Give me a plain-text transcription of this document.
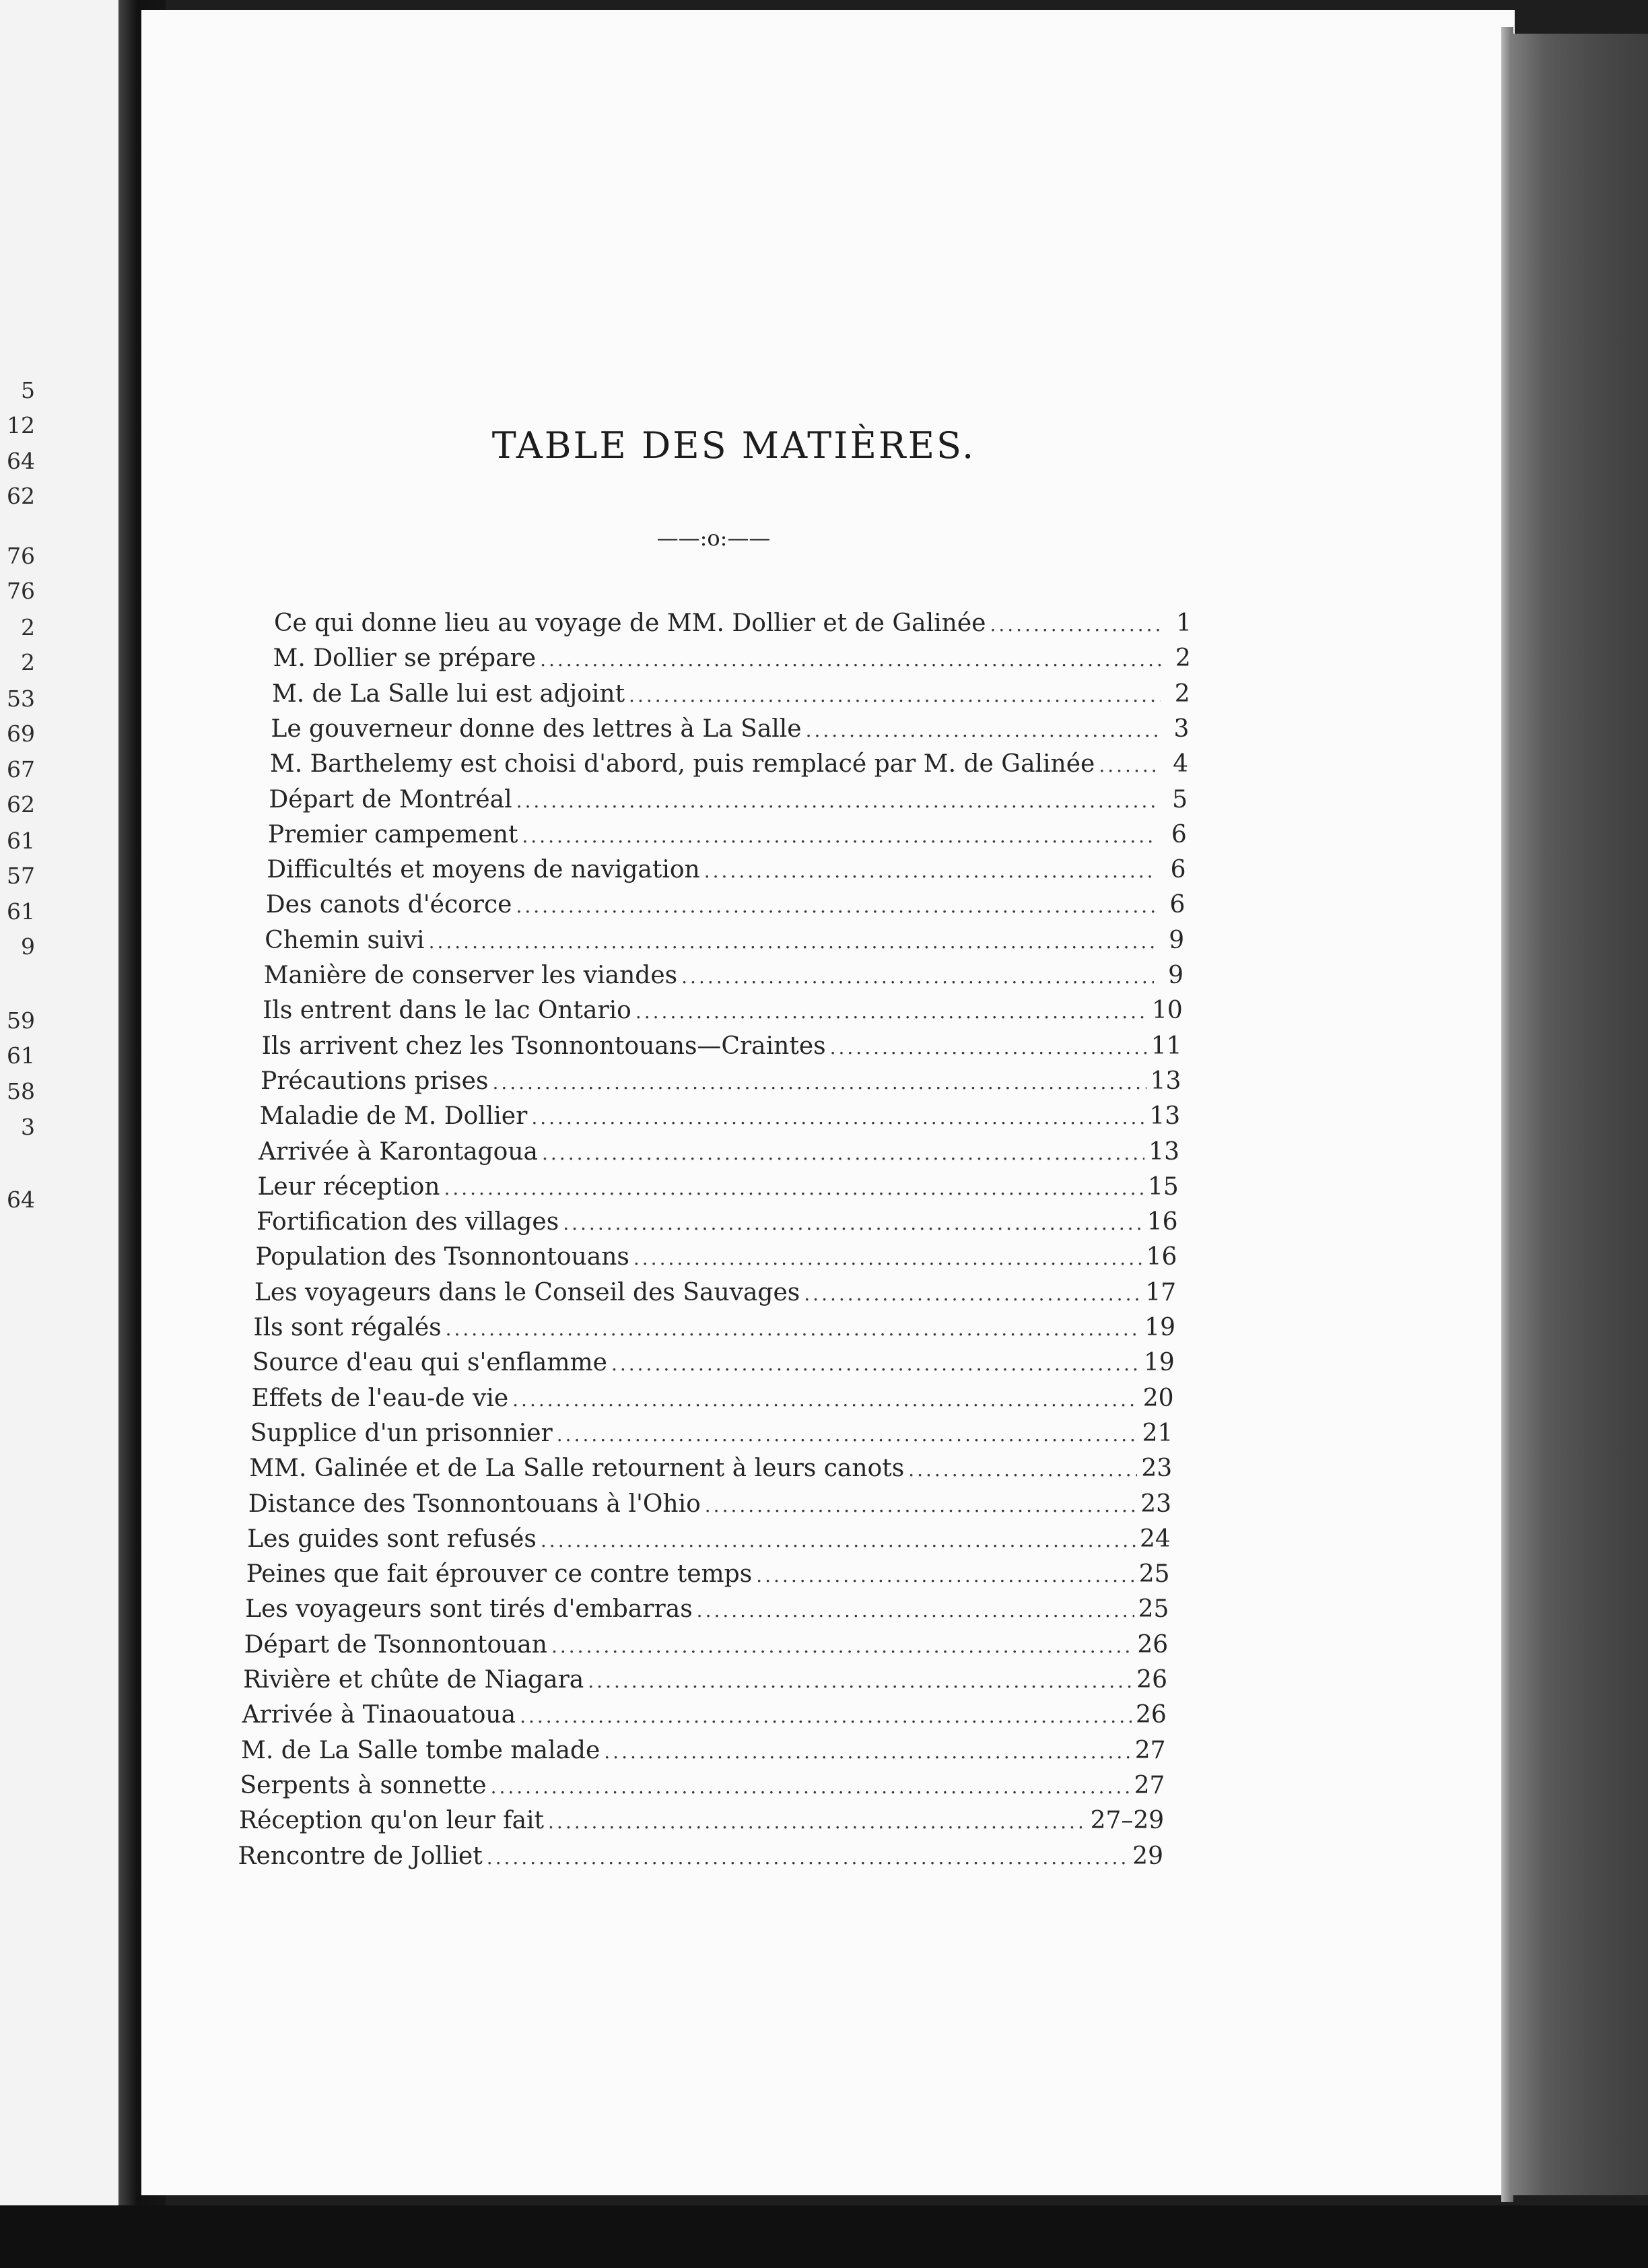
5
12
64
62
76
76
2
2
53
69
67
62
61
57
61
9
59
61
58
3
64
TABLE DES MATIÈRES.
——:o:——
Ce qui donne lieu au voyage de MM. Dollier et de Galinée .....	1
M. Dollier se prépare .....	2
M. de La Salle lui est adjoint .....	2
Le gouverneur donne des lettres à La Salle .....	3
M. Barthelemy est choisi d'abord, puis remplacé par M. de Galinée .....	4
Départ de Montréal .....	5
Premier campement .....	6
Difficultés et moyens de navigation .....	6
Des canots d'écorce .....	6
Chemin suivi .....	9
Manière de conserver les viandes .....	9
Ils entrent dans le lac Ontario .....	10
Ils arrivent chez les Tsonnontouans—Craintes .....	11
Précautions prises .....	13
Maladie de M. Dollier .....	13
Arrivée à Karontagoua .....	13
Leur réception .....	15
Fortification des villages .....	16
Population des Tsonnontouans .....	16
Les voyageurs dans le Conseil des Sauvages .....	17
Ils sont régalés .....	19
Source d'eau qui s'enflamme .....	19
Effets de l'eau-de vie .....	20
Supplice d'un prisonnier .....	21
MM. Galinée et de La Salle retournent à leurs canots .....	23
Distance des Tsonnontouans à l'Ohio .....	23
Les guides sont refusés .....	24
Peines que fait éprouver ce contre temps .....	25
Les voyageurs sont tirés d'embarras .....	25
Départ de Tsonnontouan .....	26
Rivière et chûte de Niagara .....	26
Arrivée à Tinaouatoua .....	26
M. de La Salle tombe malade .....	27
Serpents à sonnette .....	27
Réception qu'on leur fait .....	27–29
Rencontre de Jolliet .....	29
